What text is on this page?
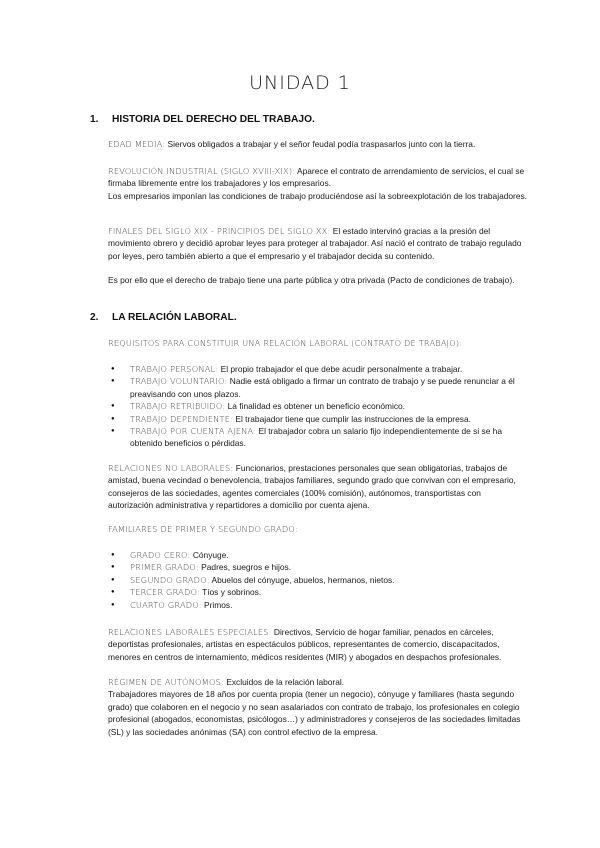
UNIDAD 1
1. HISTORIA DEL DERECHO DEL TRABAJO.
EDAD MEDIA: Siervos obligados a trabajar y el señor feudal podía traspasarlos junto con la tierra.
REVOLUCIÓN INDUSTRIAL (SIGLO XVIII-XIX): Aparece el contrato de arrendamiento de servicios, el cual se firmaba libremente entre los trabajadores y los empresarios.
Los empresarios imponían las condiciones de trabajo produciéndose así la sobreexplotación de los trabajadores.
FINALES DEL SIGLO XIX - PRINCIPIOS DEL SIGLO XX: El estado intervinó gracias a la presión del movimiento obrero y decidió aprobar leyes para proteger al trabajador. Así nació el contrato de trabajo regulado por leyes, pero también abierto a que el empresario y el trabajador decida su contenido.
Es por ello que el derecho de trabajo tiene una parte pública y otra privada (Pacto de condiciones de trabajo).
2. LA RELACIÓN LABORAL.
REQUISITOS PARA CONSTITUIR UNA RELACIÓN LABORAL (CONTRATO DE TRABAJO):
● TRABAJO PERSONAL: El propio trabajador el que debe acudir personalmente a trabajar.
● TRABAJO VOLUNTARIO: Nadie está obligado a firmar un contrato de trabajo y se puede renunciar a él preavisando con unos plazos.
● TRABAJO RETRIBUIDO: La finalidad es obtener un beneficio económico.
● TRABAJO DEPENDIENTE: El trabajador tiene que cumplir las instrucciones de la empresa.
● TRABAJO POR CUENTA AJENA: El trabajador cobra un salario fijo independientemente de si se ha obtenido beneficios o pérdidas.
RELACIONES NO LABORALES: Funcionarios, prestaciones personales que sean obligatorias, trabajos de amistad, buena vecindad o benevolencia, trabajos familiares, segundo grado que convivan con el empresario, consejeros de las sociedades, agentes comerciales (100% comisión), autónomos, transportistas con autorización administrativa y repartidores a domicilio por cuenta ajena.
FAMILIARES DE PRIMER Y SEGUNDO GRADO:
● GRADO CERO: Cónyuge.
● PRIMER GRADO: Padres, suegros e hijos.
● SEGUNDO GRADO: Abuelos del cónyuge, abuelos, hermanos, nietos.
● TERCER GRADO: Tíos y sobrinos.
● CUARTO GRADO: Primos.
RELACIONES LABORALES ESPECIALES: Directivos, Servicio de hogar familiar, penados en cárceles, deportistas profesionales, artistas en espectáculos públicos, representantes de comercio, discapacitados, menores en centros de internamiento, médicos residentes (MIR) y abogados en despachos profesionales.
RÉGIMEN DE AUTÓNOMOS: Excluidos de la relación laboral.
Trabajadores mayores de 18 años por cuenta propia (tener un negocio), cónyuge y familiares (hasta segundo grado) que colaboren en el negocio y no sean asalariados con contrato de trabajo, los profesionales en colegio profesional (abogados, economistas, psicólogos…) y administradores y consejeros de las sociedades limitadas (SL) y las sociedades anónimas (SA) con control efectivo de la empresa.
